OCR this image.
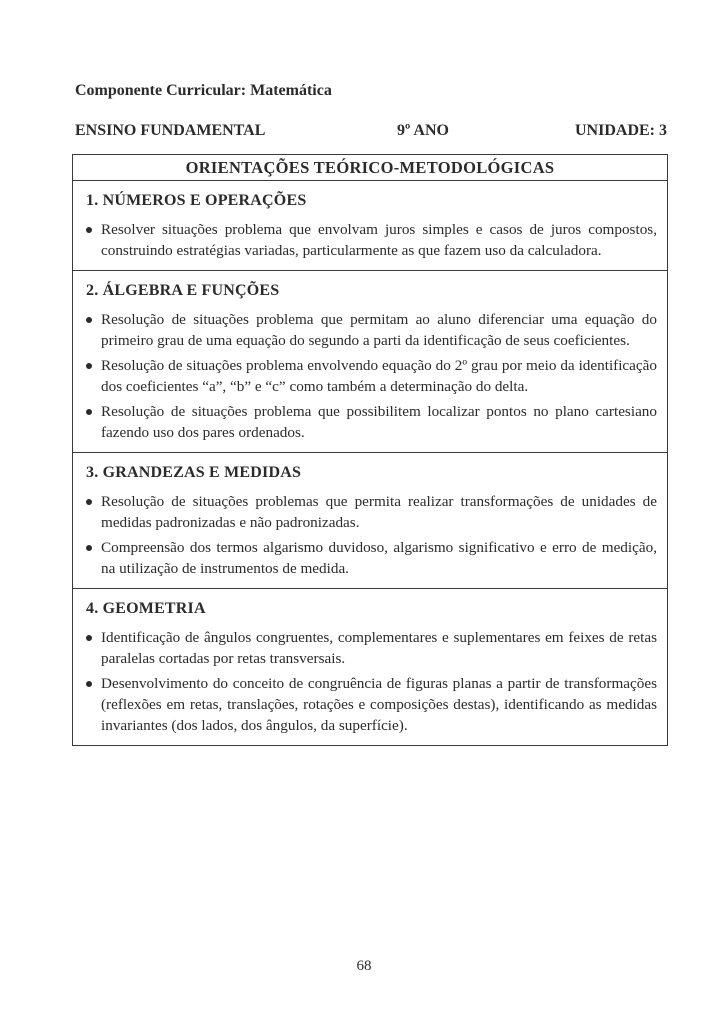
Componente Curricular: Matemática
ENSINO FUNDAMENTAL	9º ANO	UNIDADE: 3
ORIENTAÇÕES TEÓRICO-METODOLÓGICAS
1. NÚMEROS E OPERAÇÕES
Resolver situações problema que envolvam juros simples e casos de juros compostos, construindo estratégias variadas, particularmente as que fazem uso da calculadora.
2. ÁLGEBRA E FUNÇÕES
Resolução de situações problema que permitam ao aluno diferenciar uma equação do primeiro grau de uma equação do segundo a parti da identificação de seus coeficientes.
Resolução de situações problema envolvendo equação do 2º grau por meio da identificação dos coeficientes “a”, “b” e “c” como também a determinação do delta.
Resolução de situações problema que possibilitem localizar pontos no plano cartesiano fazendo uso dos pares ordenados.
3. GRANDEZAS E MEDIDAS
Resolução de situações problemas que permita realizar transformações de unidades de medidas padronizadas e não padronizadas.
Compreensão dos termos algarismo duvidoso, algarismo significativo e erro de medição, na utilização de instrumentos de medida.
4. GEOMETRIA
Identificação de ângulos congruentes, complementares e suplementares em feixes de retas paralelas cortadas por retas transversais.
Desenvolvimento do conceito de congruência de figuras planas a partir de transformações (reflexões em retas, translações, rotações e composições destas), identificando as medidas invariantes (dos lados, dos ângulos, da superfície).
68
